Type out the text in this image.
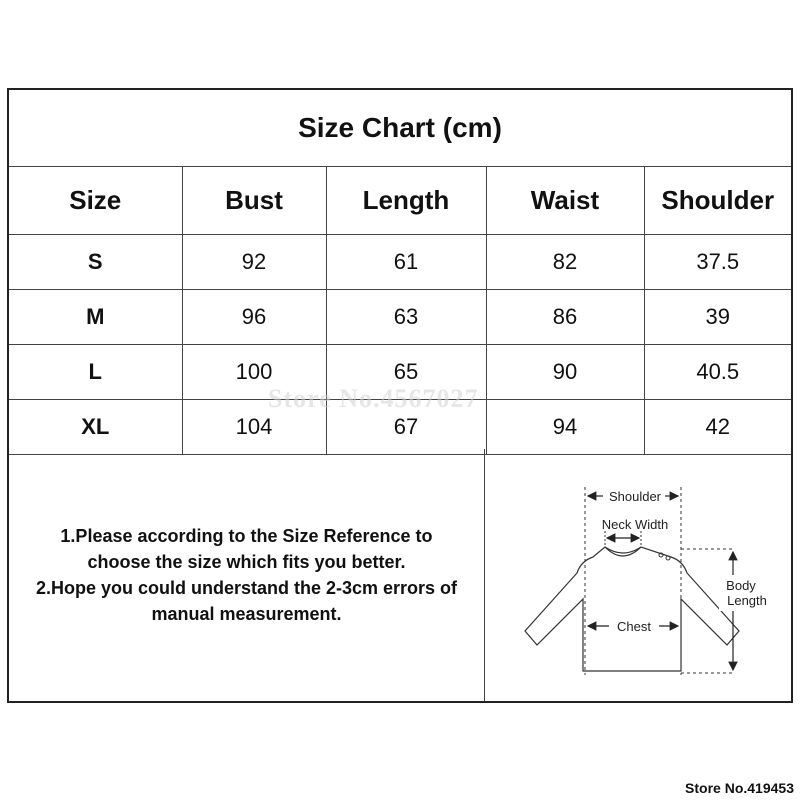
Size Chart (cm)
Size	Bust	Length	Waist	Shoulder
S	92	61	82	37.5
M	96	63	86	39
L	100	65	90	40.5
XL	104	67	94	42
1.Please according to the Size Reference to
choose the size which fits you better.
2.Hope you could understand the 2-3cm errors of
manual measurement.
Shoulder
Neck Width
Body
Length
Chest
Store No.4567027
Store No.419453
